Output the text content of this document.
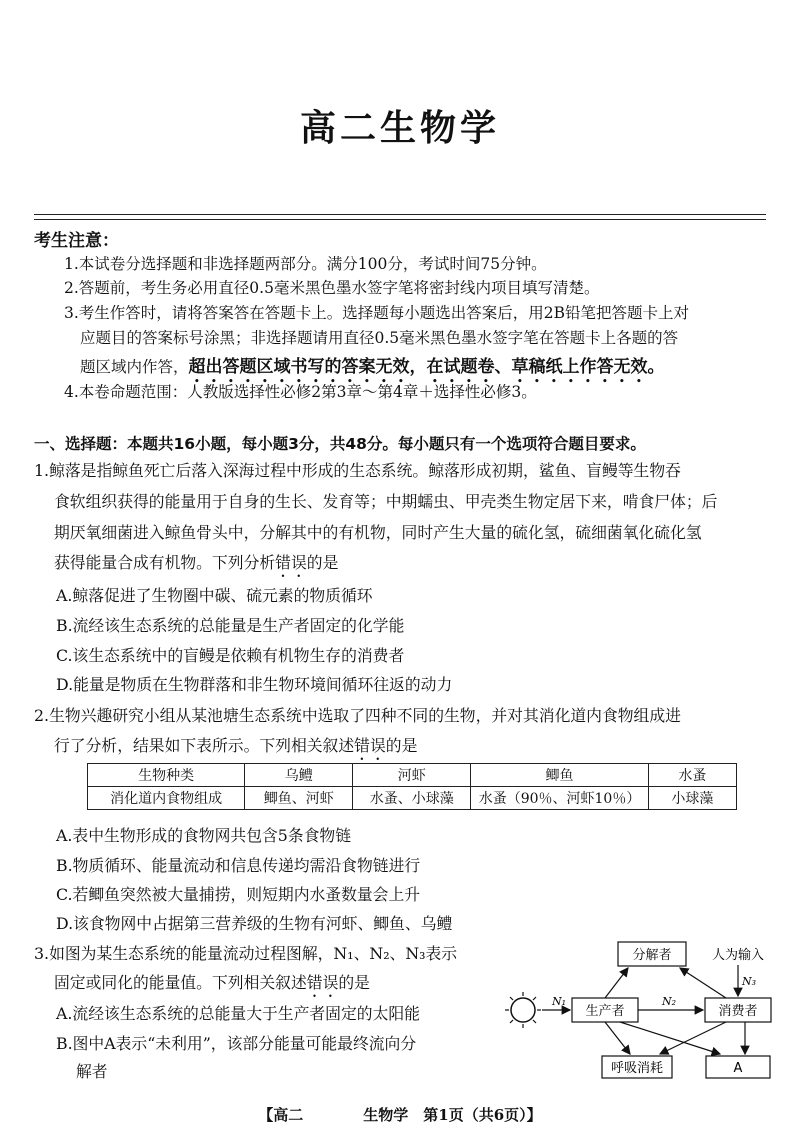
高二生物学
考生注意：
1.本试卷分选择题和非选择题两部分。满分100分，考试时间75分钟。
2.答题前，考生务必用直径0.5毫米黑色墨水签字笔将密封线内项目填写清楚。
3.考生作答时，请将答案答在答题卡上。选择题每小题选出答案后，用2B铅笔把答题卡上对
应题目的答案标号涂黑；非选择题请用直径0.5毫米黑色墨水签字笔在答题卡上各题的答
题区域内作答，超出答题区域书写的答案无效，在试题卷、草稿纸上作答无效。
4.本卷命题范围：人教版选择性必修2第3章～第4章＋选择性必修3。
一、选择题：本题共16小题，每小题3分，共48分。每小题只有一个选项符合题目要求。
1.鲸落是指鲸鱼死亡后落入深海过程中形成的生态系统。鲸落形成初期，鲨鱼、盲鳗等生物吞
食软组织获得的能量用于自身的生长、发育等；中期蠕虫、甲壳类生物定居下来，啃食尸体；后
期厌氧细菌进入鲸鱼骨头中，分解其中的有机物，同时产生大量的硫化氢，硫细菌氧化硫化氢
获得能量合成有机物。下列分析错误的是
A.鲸落促进了生物圈中碳、硫元素的物质循环
B.流经该生态系统的总能量是生产者固定的化学能
C.该生态系统中的盲鳗是依赖有机物生存的消费者
D.能量是物质在生物群落和非生物环境间循环往返的动力
2.生物兴趣研究小组从某池塘生态系统中选取了四种不同的生物，并对其消化道内食物组成进
行了分析，结果如下表所示。下列相关叙述错误的是
生物种类	乌鳢	河虾	鲫鱼	水蚤
消化道内食物组成	鲫鱼、河虾	水蚤、小球藻	水蚤（90％、河虾10％）	小球藻
A.表中生物形成的食物网共包含5条食物链
B.物质循环、能量流动和信息传递均需沿食物链进行
C.若鲫鱼突然被大量捕捞，则短期内水蚤数量会上升
D.该食物网中占据第三营养级的生物有河虾、鲫鱼、乌鳢
3.如图为某生态系统的能量流动过程图解，N₁、N₂、N₃表示
固定或同化的能量值。下列相关叙述错误的是
A.流经该生态系统的总能量大于生产者固定的太阳能
B.图中A表示“未利用”，该部分能量可能最终流向分
解者
分解者
生产者	消费者
呼吸消耗	A
人为输入
N₁	N₂
N₃
【高二　　　　生物学　第1页（共6页）】
